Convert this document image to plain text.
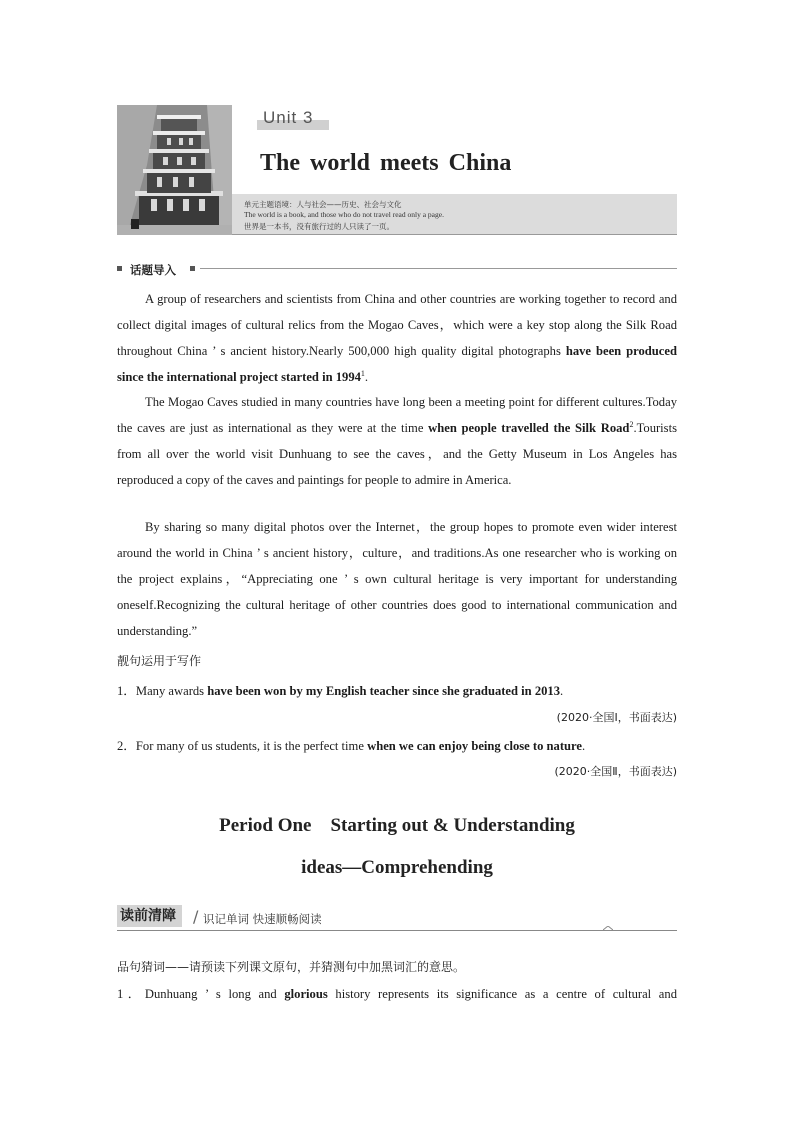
Unit 3
The world meets China
单元主题语境：人与社会——历史、社会与文化
The world is a book, and those who do not travel read only a page.
世界是一本书，没有旅行过的人只读了一页。
话题导入
A group of researchers and scientists from China and other countries are working together to record and collect digital images of cultural relics from the Mogao Caves，which were a key stop along the Silk Road throughout China ’ s ancient history.Nearly 500,000 high quality digital photographs have been produced since the international project started in 1994$^1$.
The Mogao Caves studied in many countries have long been a meeting point for different cultures.Today the caves are just as international as they were at the time when people travelled the Silk Road$^2$.Tourists from all over the world visit Dunhuang to see the caves，and the Getty Museum in Los Angeles has reproduced a copy of the caves and paintings for people to admire in America.
By sharing so many digital photos over the Internet，the group hopes to promote even wider interest around the world in China ’ s ancient history，culture，and traditions.As one researcher who is working on the project explains，“Appreciating one ’ s own cultural heritage is very important for understanding oneself.Recognizing the cultural heritage of other countries does good to international communication and understanding.”
靓句运用于写作
1．Many awards have been won by my English teacher since she graduated in 2013.
(2020·全国Ⅰ，书面表达)
2．For many of us students, it is the perfect time when we can enjoy being close to nature.
(2020·全国Ⅱ，书面表达)
Period One    Starting out & Understanding
ideas—Comprehending
读前清障	/ 识记单词 快速顺畅阅读
品句猜词——请预读下列课文原句，并猜测句中加黑词汇的意思。
1．Dunhuang ’ s long and glorious history represents its significance as a centre of cultural and
